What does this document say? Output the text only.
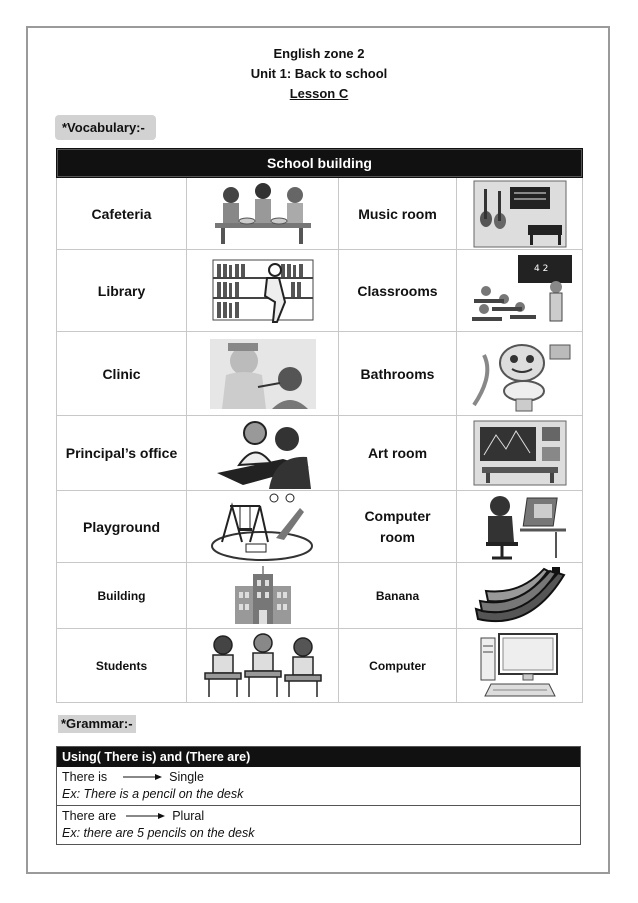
English zone 2
Unit 1: Back to school
Lesson C
*Vocabulary:-
School building			
Cafeteria		Music room	

Library		Classrooms	4 2

Clinic		Bathrooms	

Principal’s office		Art room	

Playground		Computer room

Building		Banana	

Students		Computer	
*Grammar:-
Using( There is) and (There are)
There is	Single
Ex: There is a pencil on the desk
There are	Plural
Ex: there are 5 pencils on the desk
